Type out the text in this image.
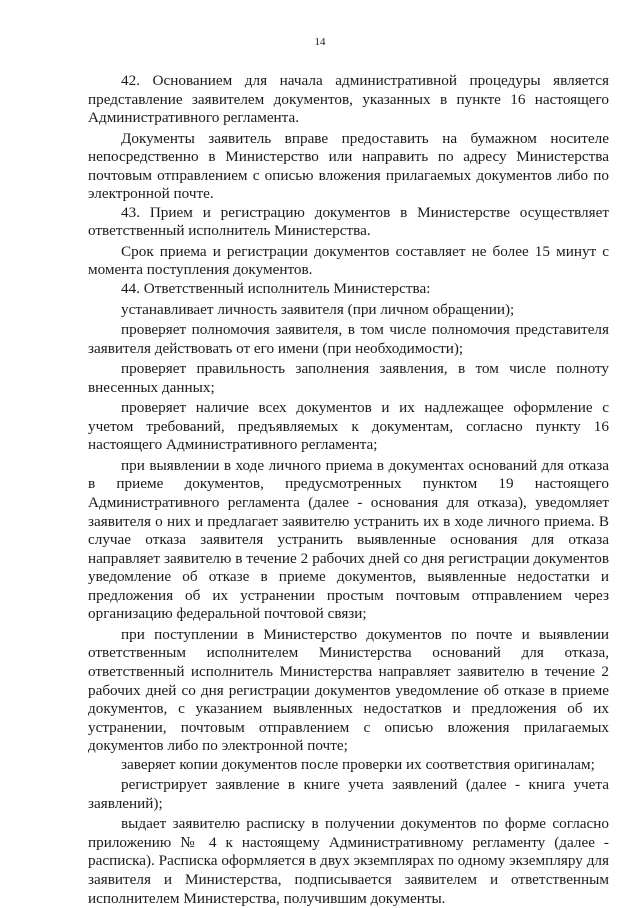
14

42. Основанием для начала административной процедуры является представление заявителем документов, указанных в пункте 16 настоящего Административного регламента.

Документы заявитель вправе предоставить на бумажном носителе непосредственно в Министерство или направить по адресу Министерства почтовым отправлением с описью вложения прилагаемых документов либо по электронной почте.

43. Прием и регистрацию документов в Министерстве осуществляет ответственный исполнитель Министерства.

Срок приема и регистрации документов составляет не более 15 минут с момента поступления документов.

44. Ответственный исполнитель Министерства:

устанавливает личность заявителя (при личном обращении);

проверяет полномочия заявителя, в том числе полномочия представителя заявителя действовать от его имени (при необходимости);

проверяет правильность заполнения заявления, в том числе полноту внесенных данных;

проверяет наличие всех документов и их надлежащее оформление с учетом требований, предъявляемых к документам, согласно пункту 16 настоящего Административного регламента;

при выявлении в ходе личного приема в документах оснований для отказа в приеме документов, предусмотренных пунктом 19 настоящего Административного регламента (далее - основания для отказа), уведомляет заявителя о них и предлагает заявителю устранить их в ходе личного приема. В случае отказа заявителя устранить выявленные основания для отказа направляет заявителю в течение 2 рабочих дней со дня регистрации документов уведомление об отказе в приеме документов, выявленные недостатки и предложения об их устранении простым почтовым отправлением через организацию федеральной почтовой связи;

при поступлении в Министерство документов по почте и выявлении ответственным исполнителем Министерства оснований для отказа, ответственный исполнитель Министерства направляет заявителю в течение 2 рабочих дней со дня регистрации документов уведомление об отказе в приеме документов, с указанием выявленных недостатков и предложения об их устранении, почтовым отправлением с описью вложения прилагаемых документов либо по электронной почте;

заверяет копии документов после проверки их соответствия оригиналам;

регистрирует заявление в книге учета заявлений (далее - книга учета заявлений);

выдает заявителю расписку в получении документов по форме согласно приложению № 4 к настоящему Административному регламенту (далее - расписка). Расписка оформляется в двух экземплярах по одному экземпляру для заявителя и Министерства, подписывается заявителем и ответственным исполнителем Министерства, получившим документы.
